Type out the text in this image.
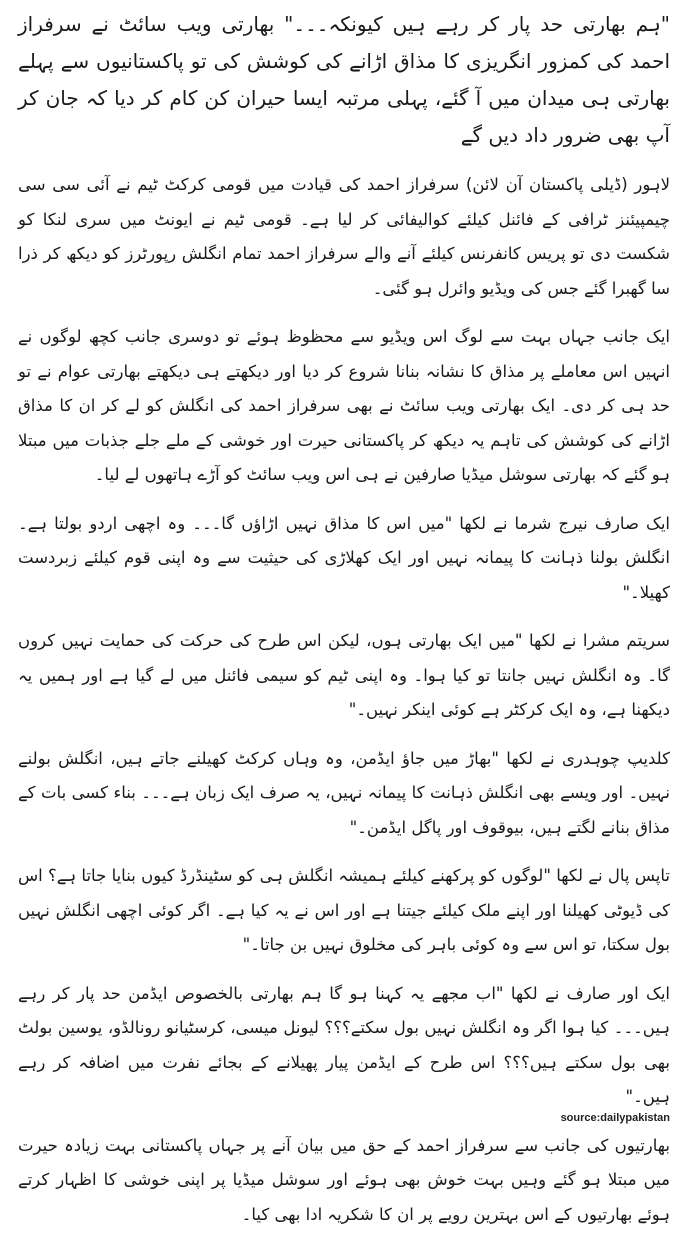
"ہم بھارتی حد پار کر رہے ہیں کیونکہ۔۔۔" بھارتی ویب سائٹ نے سرفراز احمد کی کمزور انگریزی کا مذاق اڑانے کی کوشش کی تو پاکستانیوں سے پہلے بھارتی ہی میدان میں آ گئے، پہلی مرتبہ ایسا حیران کن کام کر دیا کہ جان کر آپ بھی ضرور داد دیں گے

لاہور (ڈیلی پاکستان آن لائن) سرفراز احمد کی قیادت میں قومی کرکٹ ٹیم نے آئی سی سی چیمپیئنز ٹرافی کے فائنل کیلئے کوالیفائی کر لیا ہے۔ قومی ٹیم نے ایونٹ میں سری لنکا کو شکست دی تو پریس کانفرنس کیلئے آنے والے سرفراز احمد تمام انگلش رپورٹرز کو دیکھ کر ذرا سا گھبرا گئے جس کی ویڈیو وائرل ہو گئی۔

ایک جانب جہاں بہت سے لوگ اس ویڈیو سے محظوظ ہوئے تو دوسری جانب کچھ لوگوں نے انہیں اس معاملے پر مذاق کا نشانہ بنانا شروع کر دیا اور دیکھتے ہی دیکھتے بھارتی عوام نے تو حد ہی کر دی۔ ایک بھارتی ویب سائٹ نے بھی سرفراز احمد کی انگلش کو لے کر ان کا مذاق اڑانے کی کوشش کی تاہم یہ دیکھ کر پاکستانی حیرت اور خوشی کے ملے جلے جذبات میں مبتلا ہو گئے کہ بھارتی سوشل میڈیا صارفین نے ہی اس ویب سائٹ کو آڑے ہاتھوں لے لیا۔

ایک صارف نیرج شرما نے لکھا "میں اس کا مذاق نہیں اڑاؤں گا۔۔۔ وہ اچھی اردو بولتا ہے۔ انگلش بولنا ذہانت کا پیمانہ نہیں اور ایک کھلاڑی کی حیثیت سے وہ اپنی قوم کیلئے زبردست کھیلا۔"

سریتم مشرا نے لکھا "میں ایک بھارتی ہوں، لیکن اس طرح کی حرکت کی حمایت نہیں کروں گا۔ وہ انگلش نہیں جانتا تو کیا ہوا۔ وہ اپنی ٹیم کو سیمی فائنل میں لے گیا ہے اور ہمیں یہ دیکھنا ہے، وہ ایک کرکٹر ہے کوئی اینکر نہیں۔"

کلدیپ چوہدری نے لکھا "بھاڑ میں جاؤ ایڈمن، وہ وہاں کرکٹ کھیلنے جاتے ہیں، انگلش بولنے نہیں۔ اور ویسے بھی انگلش ذہانت کا پیمانہ نہیں، یہ صرف ایک زبان ہے۔۔۔ بناء کسی بات کے مذاق بنانے لگتے ہیں، بیوقوف اور پاگل ایڈمن۔"

تاپس پال نے لکھا "لوگوں کو پرکھنے کیلئے ہمیشہ انگلش ہی کو سٹینڈرڈ کیوں بنایا جاتا ہے؟ اس کی ڈیوٹی کھیلنا اور اپنے ملک کیلئے جیتنا ہے اور اس نے یہ کیا ہے۔ اگر کوئی اچھی انگلش نہیں بول سکتا، تو اس سے وہ کوئی باہر کی مخلوق نہیں بن جاتا۔"

ایک اور صارف نے لکھا "اب مجھے یہ کہنا ہو گا ہم بھارتی بالخصوص ایڈمن حد پار کر رہے ہیں۔۔۔ کیا ہوا اگر وہ انگلش نہیں بول سکتے؟؟؟ لیونل میسی، کرسٹیانو رونالڈو، یوسین بولٹ بھی بول سکتے ہیں؟؟؟ اس طرح کے ایڈمن پیار پھیلانے کے بجائے نفرت میں اضافہ کر رہے ہیں۔"

بھارتیوں کی جانب سے سرفراز احمد کے حق میں بیان آنے پر جہاں پاکستانی بہت زیادہ حیرت میں مبتلا ہو گئے وہیں بہت خوش بھی ہوئے اور سوشل میڈیا پر اپنی خوشی کا اظہار کرتے ہوئے بھارتیوں کے اس بہترین رویے پر ان کا شکریہ ادا بھی کیا۔

source:dailypakistan
